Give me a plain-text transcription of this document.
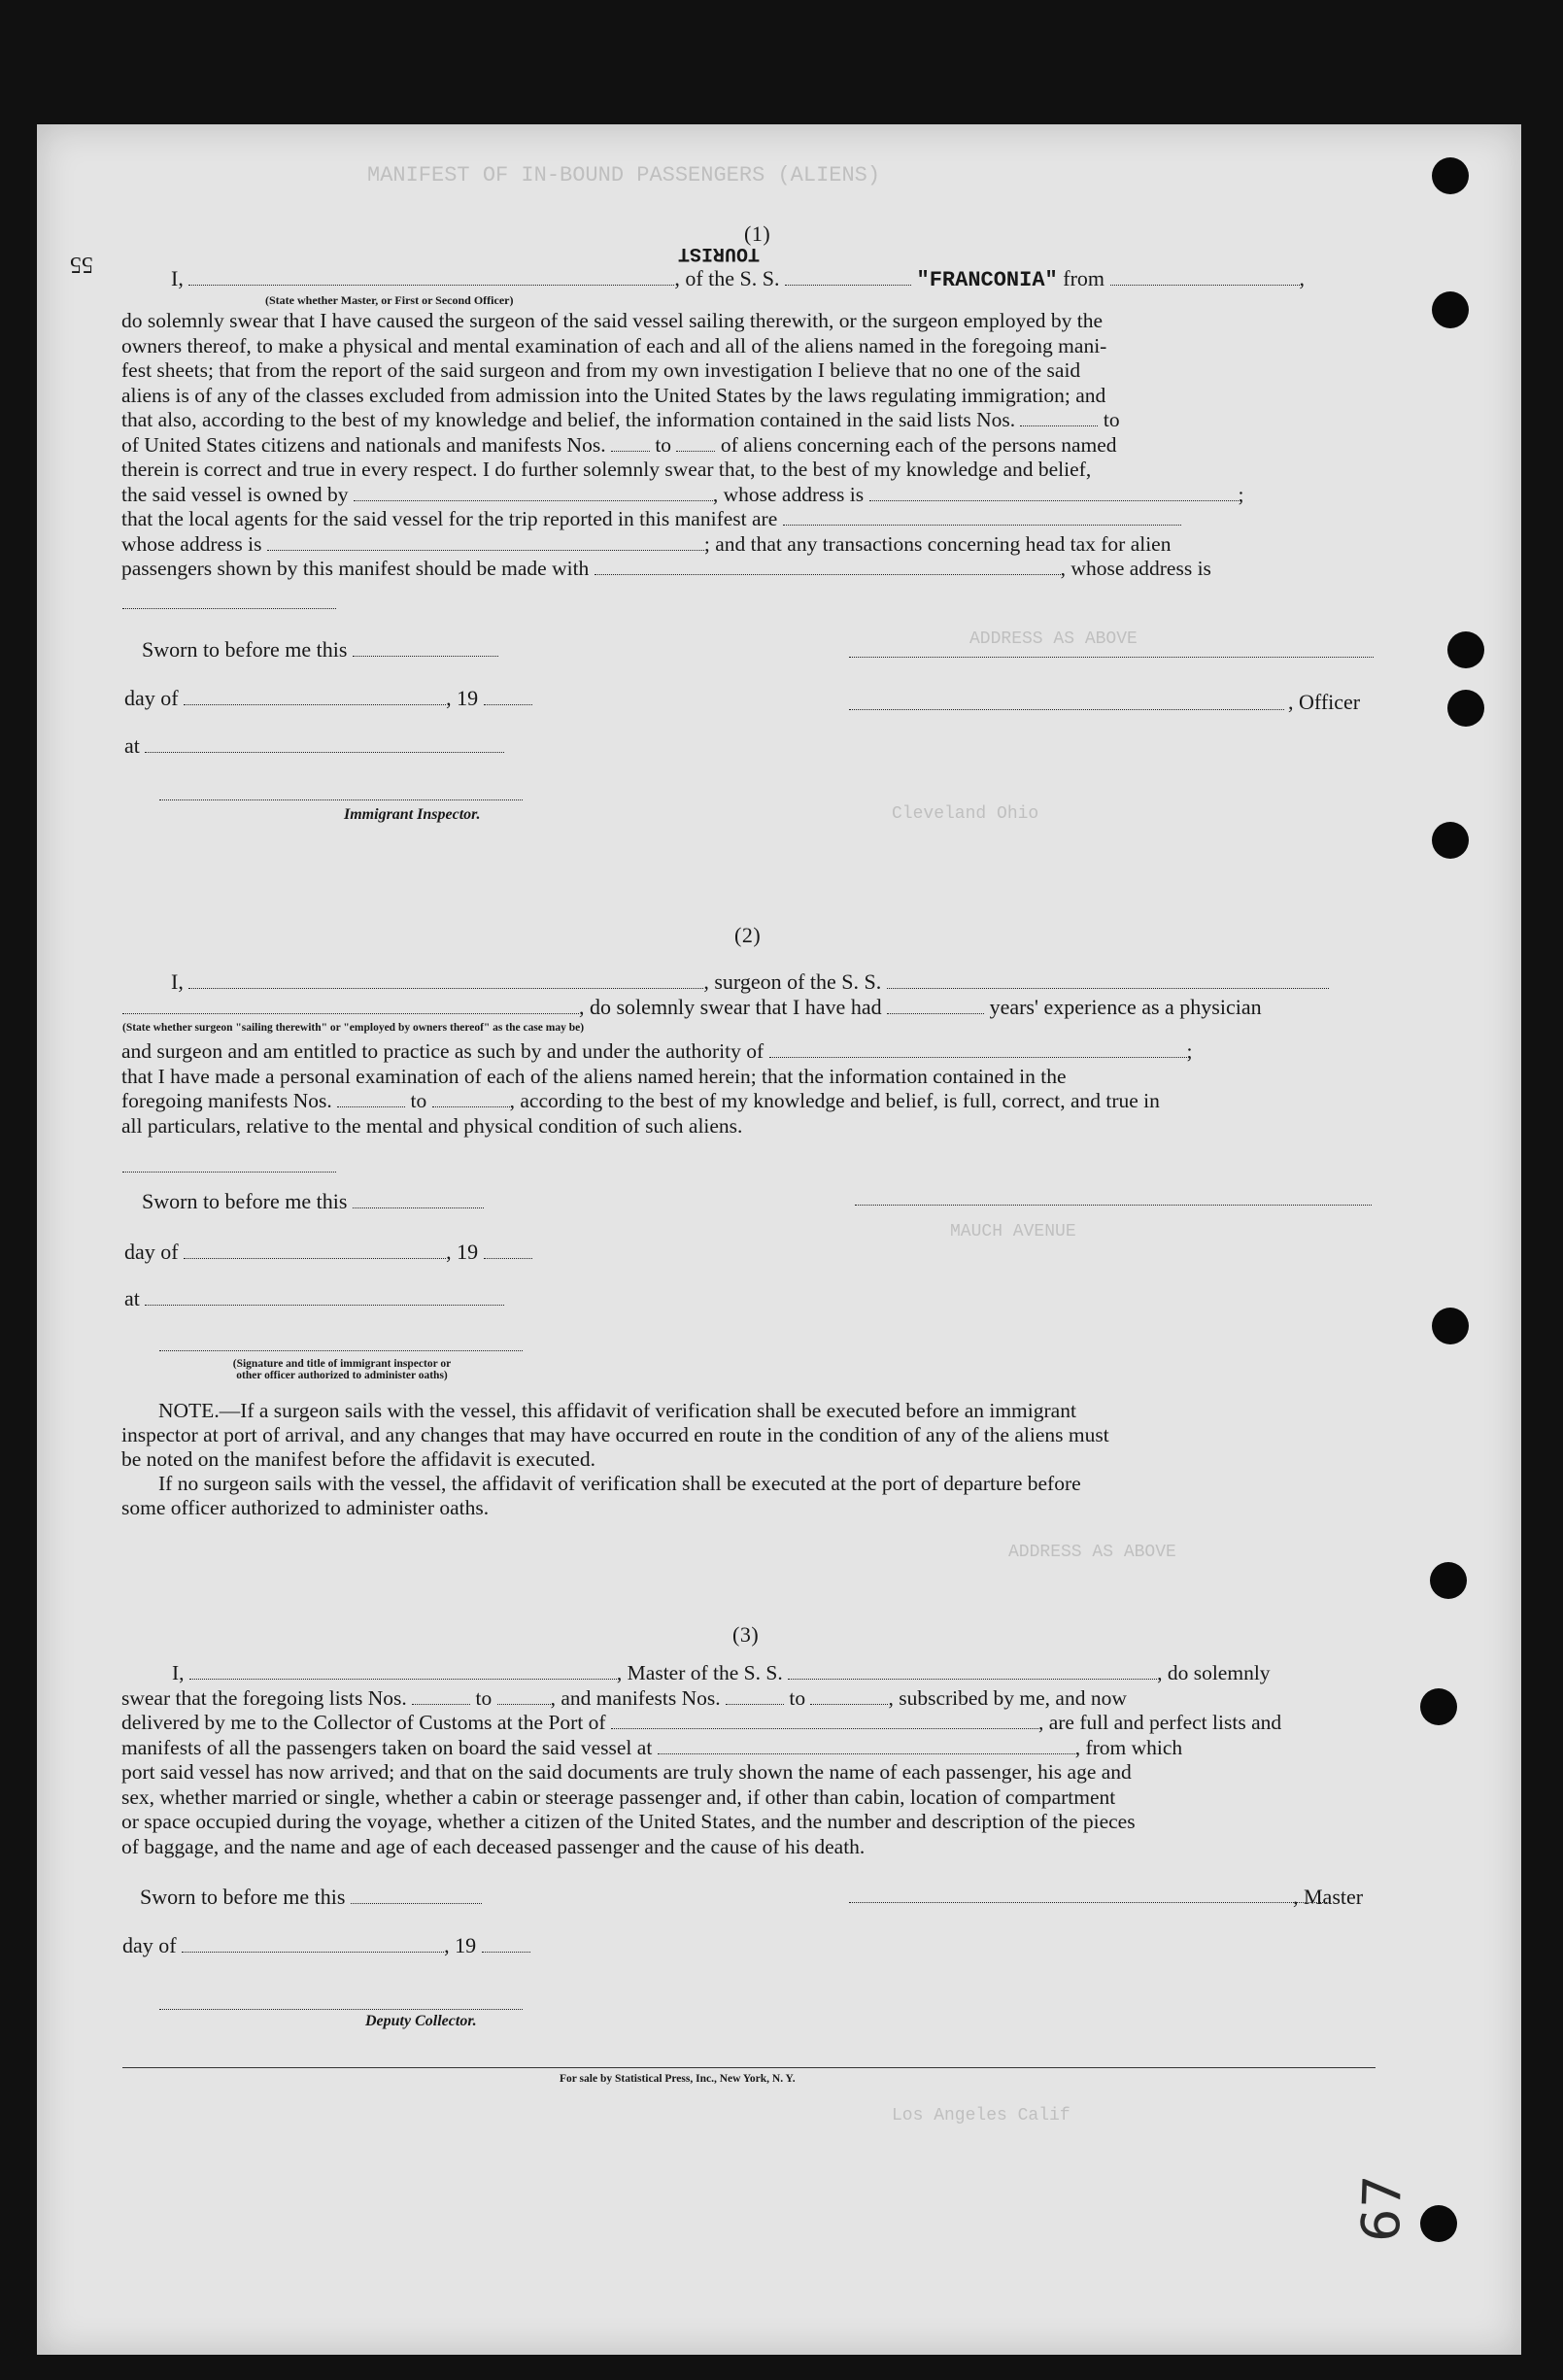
MANIFEST OF IN-BOUND PASSENGERS (ALIENS)
ADDRESS AS ABOVE
Cleveland Ohio
MAUCH AVENUE
ADDRESS AS ABOVE
Los Angeles Calif
55
(1)
TOURIST
I,	, of the S. S.	"FRANCONIA" from	,
(State whether Master, or First or Second Officer)
do solemnly swear that I have caused the surgeon of the said vessel sailing therewith, or the surgeon employed by the
owners thereof, to make a physical and mental examination of each and all of the aliens named in the foregoing mani-
fest sheets; that from the report of the said surgeon and from my own investigation I believe that no one of the said
aliens is of any of the classes excluded from admission into the United States by the laws regulating immigration; and
that also, according to the best of my knowledge and belief, the information contained in the said lists Nos.	to
of United States citizens and nationals and manifests Nos. to of aliens concerning each of the persons named
therein is correct and true in every respect. I do further solemnly swear that, to the best of my knowledge and belief,
the said vessel is owned by	, whose address is	;
that the local agents for the said vessel for the trip reported in this manifest are
whose address is	; and that any transactions concerning head tax for alien
passengers shown by this manifest should be made with	, whose address is
Sworn to before me this
day of	, 19	, Officer
at
Immigrant Inspector.
(2)
I,	, surgeon of the S. S.
, do solemnly swear that I have had	years' experience as a physician
(State whether surgeon "sailing therewith" or "employed by owners thereof" as the case may be)
and surgeon and am entitled to practice as such by and under the authority of	;
that I have made a personal examination of each of the aliens named herein; that the information contained in the
foregoing manifests Nos.	to	, according to the best of my knowledge and belief, is full, correct, and true in
all particulars, relative to the mental and physical condition of such aliens.
Sworn to before me this
day of	, 19
at
(Signature and title of immigrant inspector or
other officer authorized to administer oaths)
NOTE.—If a surgeon sails with the vessel, this affidavit of verification shall be executed before an immigrant
inspector at port of arrival, and any changes that may have occurred en route in the condition of any of the aliens must
be noted on the manifest before the affidavit is executed.
If no surgeon sails with the vessel, the affidavit of verification shall be executed at the port of departure before
some officer authorized to administer oaths.
(3)
I,	, Master of the S. S.	, do solemnly
swear that the foregoing lists Nos.	to	, and manifests Nos.	to	, subscribed by me, and now
delivered by me to the Collector of Customs at the Port of	, are full and perfect lists and
manifests of all the passengers taken on board the said vessel at	, from which
port said vessel has now arrived; and that on the said documents are truly shown the name of each passenger, his age and
sex, whether married or single, whether a cabin or steerage passenger and, if other than cabin, location of compartment
or space occupied during the voyage, whether a citizen of the United States, and the number and description of the pieces
of baggage, and the name and age of each deceased passenger and the cause of his death.
Sworn to before me this	, Master
day of	, 19
Deputy Collector.
For sale by Statistical Press, Inc., New York, N. Y.
67
